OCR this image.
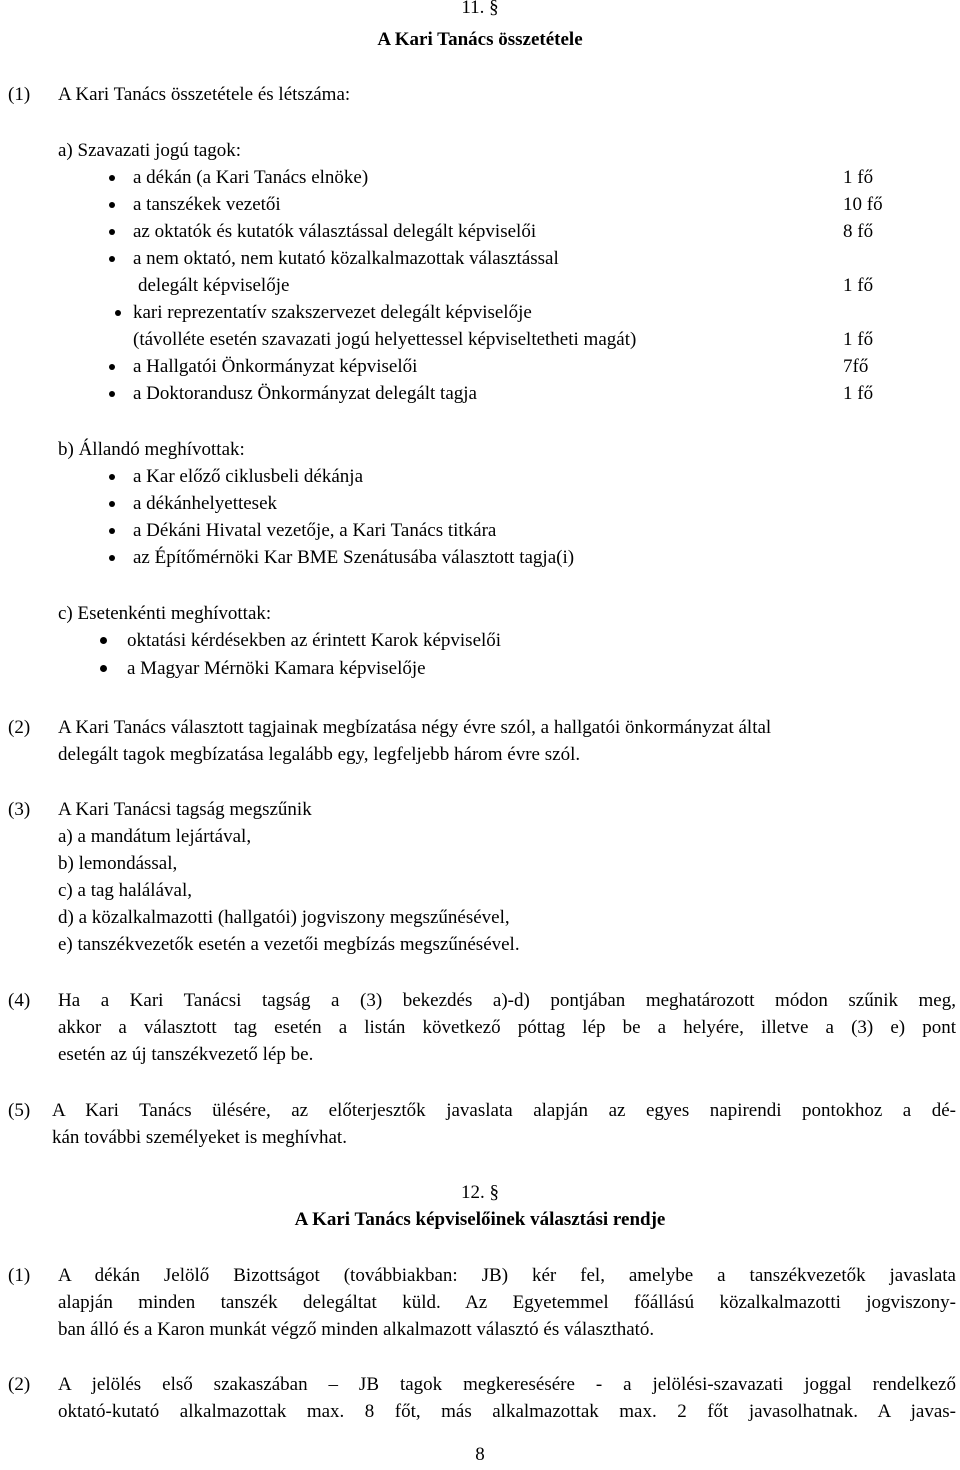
11. §
A Kari Tanács összetétele
(1) A Kari Tanács összetétele és létszáma:
a) Szavazati jogú tagok:
a dékán (a Kari Tanács elnöke)	1 fő
a tanszékek vezetői	10 fő
az oktatók és kutatók választással delegált képviselői	8 fő
a nem oktató, nem kutató közalkalmazottak választással
delegált képviselője	1 fő
kari reprezentatív szakszervezet delegált képviselője
(távolléte esetén szavazati jogú helyettessel képviseltetheti magát)	1 fő
a Hallgatói Önkormányzat képviselői	7fő
a Doktorandusz Önkormányzat delegált tagja	1 fő
b) Állandó meghívottak:
a Kar előző ciklusbeli dékánja
a dékánhelyettesek
a Dékáni Hivatal vezetője, a Kari Tanács titkára
az Építőmérnöki Kar BME Szenátusába választott tagja(i)
c) Esetenkénti meghívottak:
oktatási kérdésekben az érintett Karok képviselői
a Magyar Mérnöki Kamara képviselője
(2) A Kari Tanács választott tagjainak megbízatása négy évre szól, a hallgatói önkormányzat által
delegált tagok megbízatása legalább egy, legfeljebb három évre szól.
(3) A Kari Tanácsi tagság megszűnik
a) a mandátum lejártával,
b) lemondással,
c) a tag halálával,
d) a közalkalmazotti (hallgatói) jogviszony megszűnésével,
e) tanszékvezetők esetén a vezetői megbízás megszűnésével.
(4) Ha a Kari Tanácsi tagság a (3) bekezdés a)-d) pontjában meghatározott módon szűnik meg,
akkor a választott tag esetén a listán következő póttag lép be a helyére, illetve a (3) e) pont
esetén az új tanszékvezető lép be.
(5) A Kari Tanács ülésére, az előterjesztők javaslata alapján az egyes napirendi pontokhoz a dé-
kán további személyeket is meghívhat.
12. §
A Kari Tanács képviselőinek választási rendje
(1) A dékán Jelölő Bizottságot (továbbiakban: JB) kér fel, amelybe a tanszékvezetők javaslata
alapján minden tanszék delegáltat küld. Az Egyetemmel főállású közalkalmazotti jogviszony-
ban álló és a Karon munkát végző minden alkalmazott választó és választható.
(2) A jelölés első szakaszában – JB tagok megkeresésére - a jelölési-szavazati joggal rendelkező
oktató-kutató alkalmazottak max. 8 főt, más alkalmazottak max. 2 főt javasolhatnak. A javas-
8
